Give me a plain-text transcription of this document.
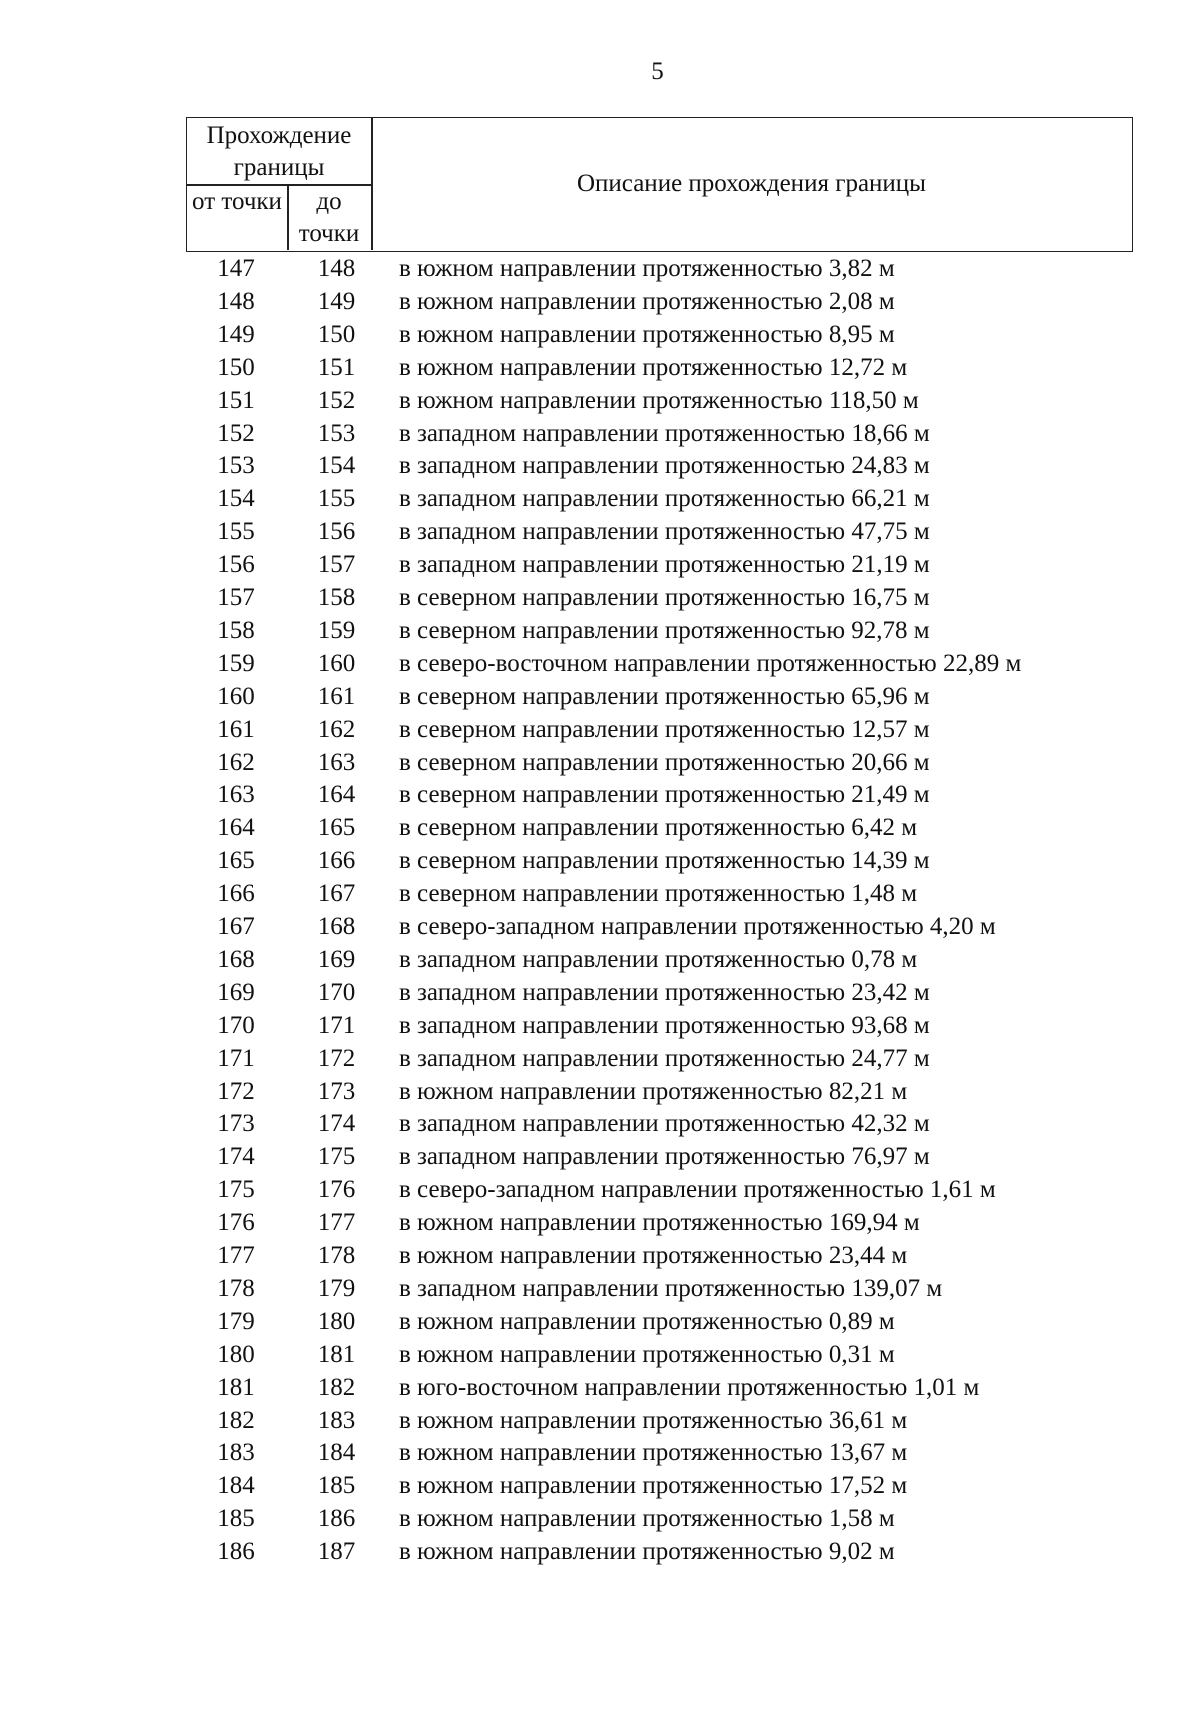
5
Прохождение границы
от точки	до точки
Описание прохождения границы
147	148	в южном направлении протяженностью 3,82 м
148	149	в южном направлении протяженностью 2,08 м
149	150	в южном направлении протяженностью 8,95 м
150	151	в южном направлении протяженностью 12,72 м
151	152	в южном направлении протяженностью 118,50 м
152	153	в западном направлении протяженностью 18,66 м
153	154	в западном направлении протяженностью 24,83 м
154	155	в западном направлении протяженностью 66,21 м
155	156	в западном направлении протяженностью 47,75 м
156	157	в западном направлении протяженностью 21,19 м
157	158	в северном направлении протяженностью 16,75 м
158	159	в северном направлении протяженностью 92,78 м
159	160	в северо-восточном направлении протяженностью 22,89 м
160	161	в северном направлении протяженностью 65,96 м
161	162	в северном направлении протяженностью 12,57 м
162	163	в северном направлении протяженностью 20,66 м
163	164	в северном направлении протяженностью 21,49 м
164	165	в северном направлении протяженностью 6,42 м
165	166	в северном направлении протяженностью 14,39 м
166	167	в северном направлении протяженностью 1,48 м
167	168	в северо-западном направлении протяженностью 4,20 м
168	169	в западном направлении протяженностью 0,78 м
169	170	в западном направлении протяженностью 23,42 м
170	171	в западном направлении протяженностью 93,68 м
171	172	в западном направлении протяженностью 24,77 м
172	173	в южном направлении протяженностью 82,21 м
173	174	в западном направлении протяженностью 42,32 м
174	175	в западном направлении протяженностью 76,97 м
175	176	в северо-западном направлении протяженностью 1,61 м
176	177	в южном направлении протяженностью 169,94 м
177	178	в южном направлении протяженностью 23,44 м
178	179	в западном направлении протяженностью 139,07 м
179	180	в южном направлении протяженностью 0,89 м
180	181	в южном направлении протяженностью 0,31 м
181	182	в юго-восточном направлении протяженностью 1,01 м
182	183	в южном направлении протяженностью 36,61 м
183	184	в южном направлении протяженностью 13,67 м
184	185	в южном направлении протяженностью 17,52 м
185	186	в южном направлении протяженностью 1,58 м
186	187	в южном направлении протяженностью 9,02 м
